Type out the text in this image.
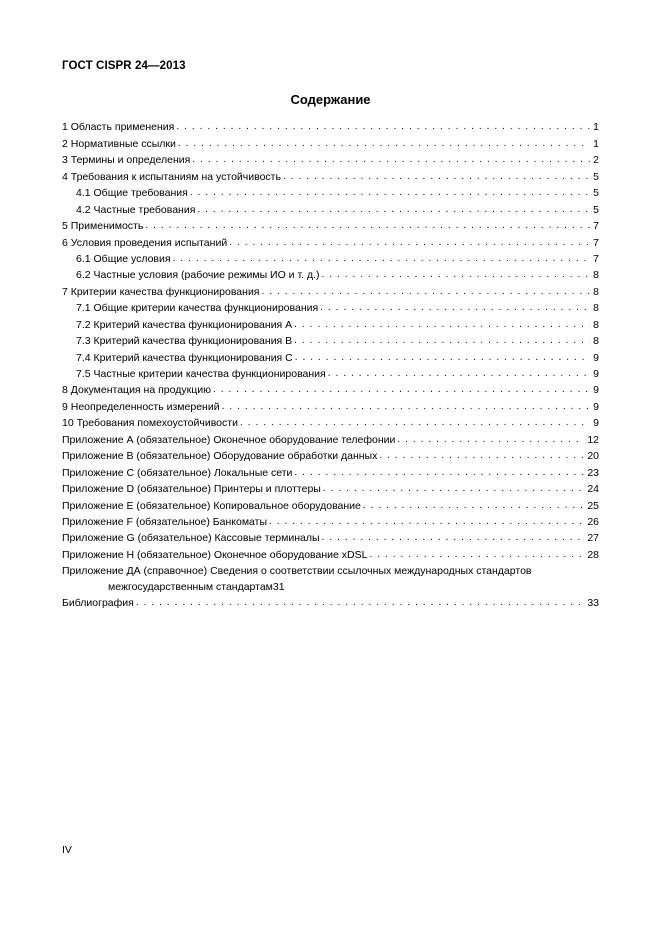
ГОСТ CISPR 24—2013
Содержание
1 Область применения . . .	1
2 Нормативные ссылки . . .	1
3 Термины и определения . . .	2
4 Требования к испытаниям на устойчивость . . .	5
4.1 Общие требования . . .	5
4.2 Частные требования . . .	5
5 Применимость . . .	7
6 Условия проведения испытаний . . .	7
6.1 Общие условия . . .	7
6.2 Частные условия (рабочие режимы ИО и т. д.) . . .	8
7 Критерии качества функционирования . . .	8
7.1 Общие критерии качества функционирования . . .	8
7.2 Критерий качества функционирования А . . .	8
7.3 Критерий качества функционирования В . . .	8
7.4 Критерий качества функционирования С . . .	9
7.5 Частные критерии качества функционирования . . .	9
8 Документация на продукцию . . .	9
9 Неопределенность измерений . . .	9
10 Требования помехоустойчивости . . .	9
Приложение А (обязательное) Оконечное оборудование телефонии . . .	12
Приложение В (обязательное) Оборудование обработки данных . . .	20
Приложение С (обязательное) Локальные сети . . .	23
Приложение D (обязательное) Принтеры и плоттеры . . .	24
Приложение Е (обязательное) Копировальное оборудование . . .	25
Приложение F (обязательное) Банкоматы . . .	26
Приложение G (обязательное) Кассовые терминалы . . .	27
Приложение H (обязательное) Оконечное оборудование xDSL . . .	28
Приложение ДА (справочное) Сведения о соответствии ссылочных международных стандартов
межгосударственным стандартам 31
Библиография . . .	33
IV
